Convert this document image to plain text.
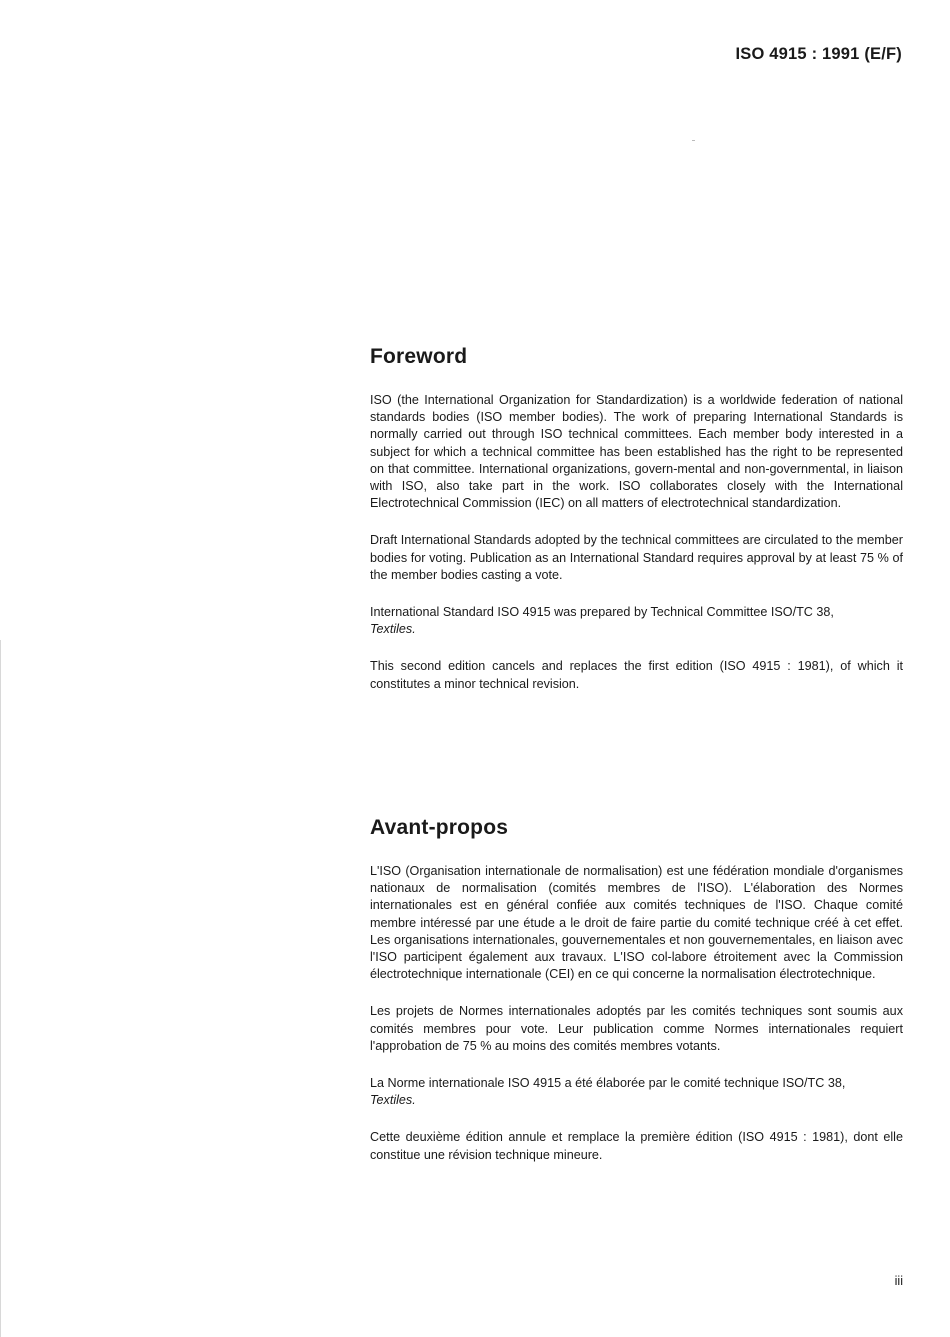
ISO 4915 : 1991 (E/F)
Foreword

ISO (the International Organization for Standardization) is a worldwide federation of national standards bodies (ISO member bodies). The work of preparing International Standards is normally carried out through ISO technical committees. Each member body interested in a subject for which a technical committee has been established has the right to be represented on that committee. International organizations, govern-mental and non-governmental, in liaison with ISO, also take part in the work. ISO collaborates closely with the International Electrotechnical Commission (IEC) on all matters of electrotechnical standardization.

Draft International Standards adopted by the technical committees are circulated to the member bodies for voting. Publication as an International Standard requires approval by at least 75 % of the member bodies casting a vote.

International Standard ISO 4915 was prepared by Technical Committee ISO/TC 38,
Textiles.

This second edition cancels and replaces the first edition (ISO 4915 : 1981), of which it constitutes a minor technical revision.

Avant-propos

L'ISO (Organisation internationale de normalisation) est une fédération mondiale d'organismes nationaux de normalisation (comités membres de l'ISO). L'élaboration des Normes internationales est en général confiée aux comités techniques de l'ISO. Chaque comité membre intéressé par une étude a le droit de faire partie du comité technique créé à cet effet. Les organisations internationales, gouvernementales et non gouvernementales, en liaison avec l'ISO participent également aux travaux. L'ISO col-labore étroitement avec la Commission électrotechnique internationale (CEI) en ce qui concerne la normalisation électrotechnique.

Les projets de Normes internationales adoptés par les comités techniques sont soumis aux comités membres pour vote. Leur publication comme Normes internationales requiert l'approbation de 75 % au moins des comités membres votants.

La Norme internationale ISO 4915 a été élaborée par le comité technique ISO/TC 38,
Textiles.

Cette deuxième édition annule et remplace la première édition (ISO 4915 : 1981), dont elle constitue une révision technique mineure.

iii
